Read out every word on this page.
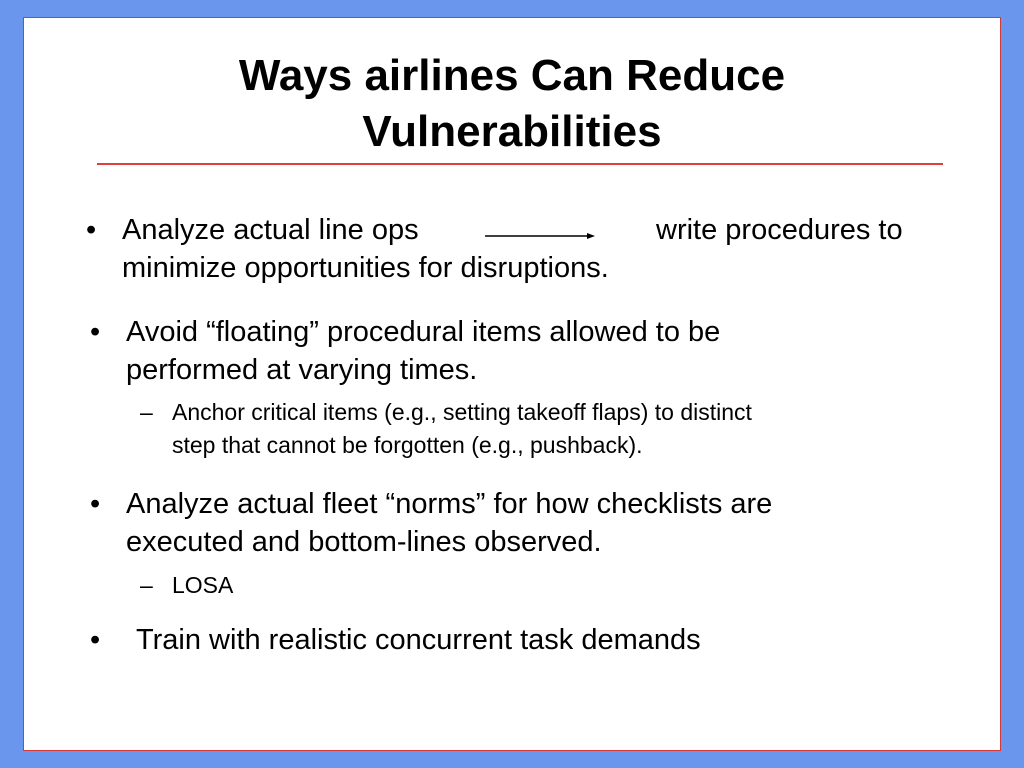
Ways airlines Can Reduce
Vulnerabilities
• Analyze actual line ops	write procedures to
minimize opportunities for disruptions.
• Avoid “floating” procedural items allowed to be
performed at varying times.
– Anchor critical items (e.g., setting takeoff flaps) to distinct
step that cannot be forgotten (e.g., pushback).
• Analyze actual fleet “norms” for how checklists are
executed and bottom-lines observed.
– LOSA
• Train with realistic concurrent task demands
